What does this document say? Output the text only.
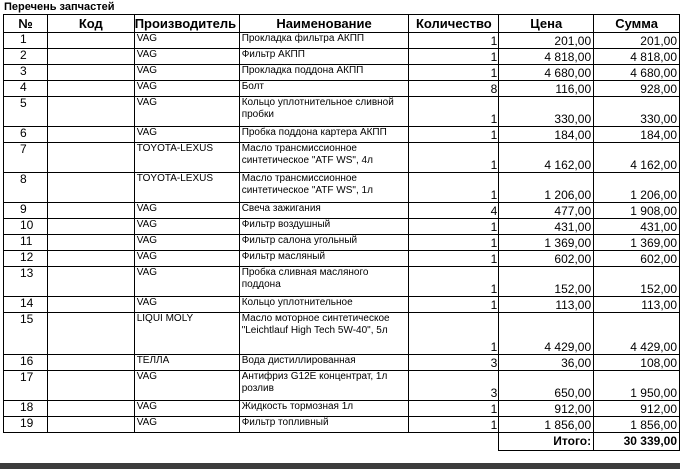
Перечень запчастей
№	Код	Производитель	Наименование	Количество	Цена	Сумма
1		VAG	Прокладка фильтра АКПП	1	201,00	201,00
2		VAG	Фильтр АКПП	1	4 818,00	4 818,00
3		VAG	Прокладка поддона АКПП	1	4 680,00	4 680,00
4		VAG	Болт	8	116,00	928,00
5		VAG	Кольцо уплотнительное сливной пробки	1	330,00	330,00
6		VAG	Пробка поддона картера АКПП	1	184,00	184,00
7		TOYOTA-LEXUS	Масло трансмиссионное синтетическое "ATF WS", 4л	1	4 162,00	4 162,00
8		TOYOTA-LEXUS	Масло трансмиссионное синтетическое "ATF WS", 1л	1	1 206,00	1 206,00
9		VAG	Свеча зажигания	4	477,00	1 908,00
10		VAG	Фильтр воздушный	1	431,00	431,00
11		VAG	Фильтр салона угольный	1	1 369,00	1 369,00
12		VAG	Фильтр масляный	1	602,00	602,00
13		VAG	Пробка сливная масляного поддона	1	152,00	152,00
14		VAG	Кольцо уплотнительное	1	113,00	113,00
15		LIQUI MOLY	Масло моторное синтетическое "Leichtlauf High Tech 5W-40", 5л	1	4 429,00	4 429,00
16		ТЕЛЛА	Вода дистиллированная	3	36,00	108,00
17		VAG	Антифриз G12E концентрат, 1л розлив	3	650,00	1 950,00
18		VAG	Жидкость тормозная 1л	1	912,00	912,00
19		VAG	Фильтр топливный	1	1 856,00	1 856,00
					Итого:	30 339,00
